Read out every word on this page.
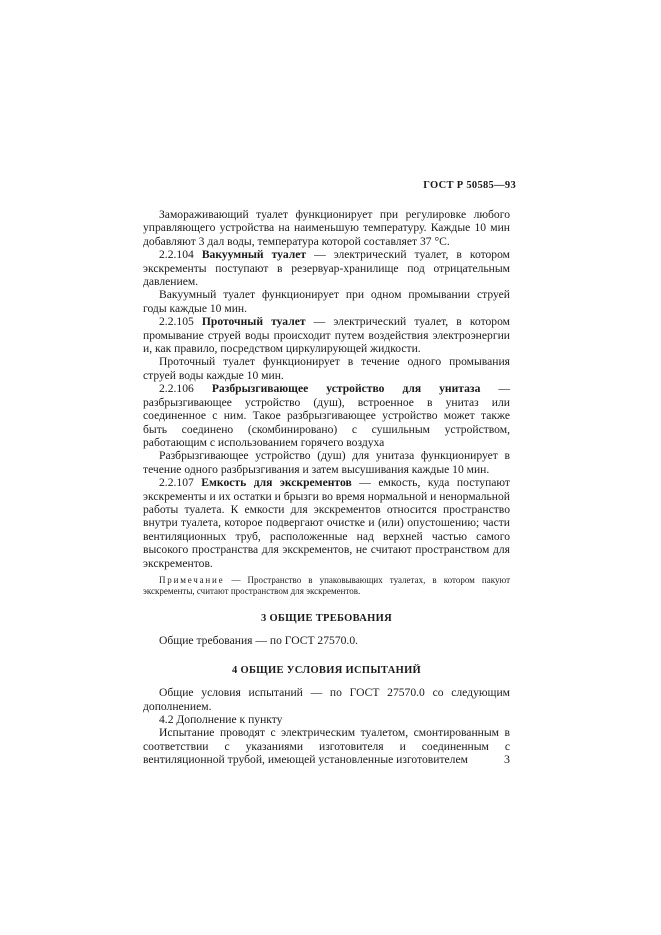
ГОСТ Р 50585—93

Замораживающий туалет функционирует при регулировке любого управляющего устройства на наименьшую температуру. Каждые 10 мин добавляют 3 дал воды, температура которой составляет 37 °С.

2.2.104 Вакуумный туалет — электрический туалет, в котором экскременты поступают в резервуар-хранилище под отрицательным давлением.

Вакуумный туалет функционирует при одном промывании струей годы каждые 10 мин.

2.2.105 Проточный туалет — электрический туалет, в котором промывание струей воды происходит путем воздействия электроэнергии и, как правило, посредством циркулирующей жидкости.

Проточный туалет функционирует в течение одного промывания струей воды каждые 10 мин.

2.2.106 Разбрызгивающее устройство для унитаза — разбрызгивающее устройство (душ), встроенное в унитаз или соединенное с ним. Такое разбрызгивающее устройство может также быть соединено (скомбинировано) с сушильным устройством, работающим с использованием горячего воздуха

Разбрызгивающее устройство (душ) для унитаза функционирует в течение одного разбрызгивания и затем высушивания каждые 10 мин.

2.2.107 Емкость для экскрементов — емкость, куда поступают экскременты и их остатки и брызги во время нормальной и ненормальной работы туалета. К емкости для экскрементов относится пространство внутри туалета, которое подвергают очистке и (или) опустошению; части вентиляционных труб, расположенные над верхней частью самого высокого пространства для экскрементов, не считают пространством для экскрементов.

Примечание — Пространство в упаковывающих туалетах, в котором пакуют экскременты, считают пространством для экскрементов.

3 ОБЩИЕ ТРЕБОВАНИЯ

Общие требования — по ГОСТ 27570.0.

4 ОБЩИЕ УСЛОВИЯ ИСПЫТАНИЙ

Общие условия испытаний — по ГОСТ 27570.0 со следующим дополнением.

4.2 Дополнение к пункту

Испытание проводят с электрическим туалетом, смонтированным в соответствии с указаниями изготовителя и соединенным с вентиляционной трубой, имеющей установленные изготовителем	3
